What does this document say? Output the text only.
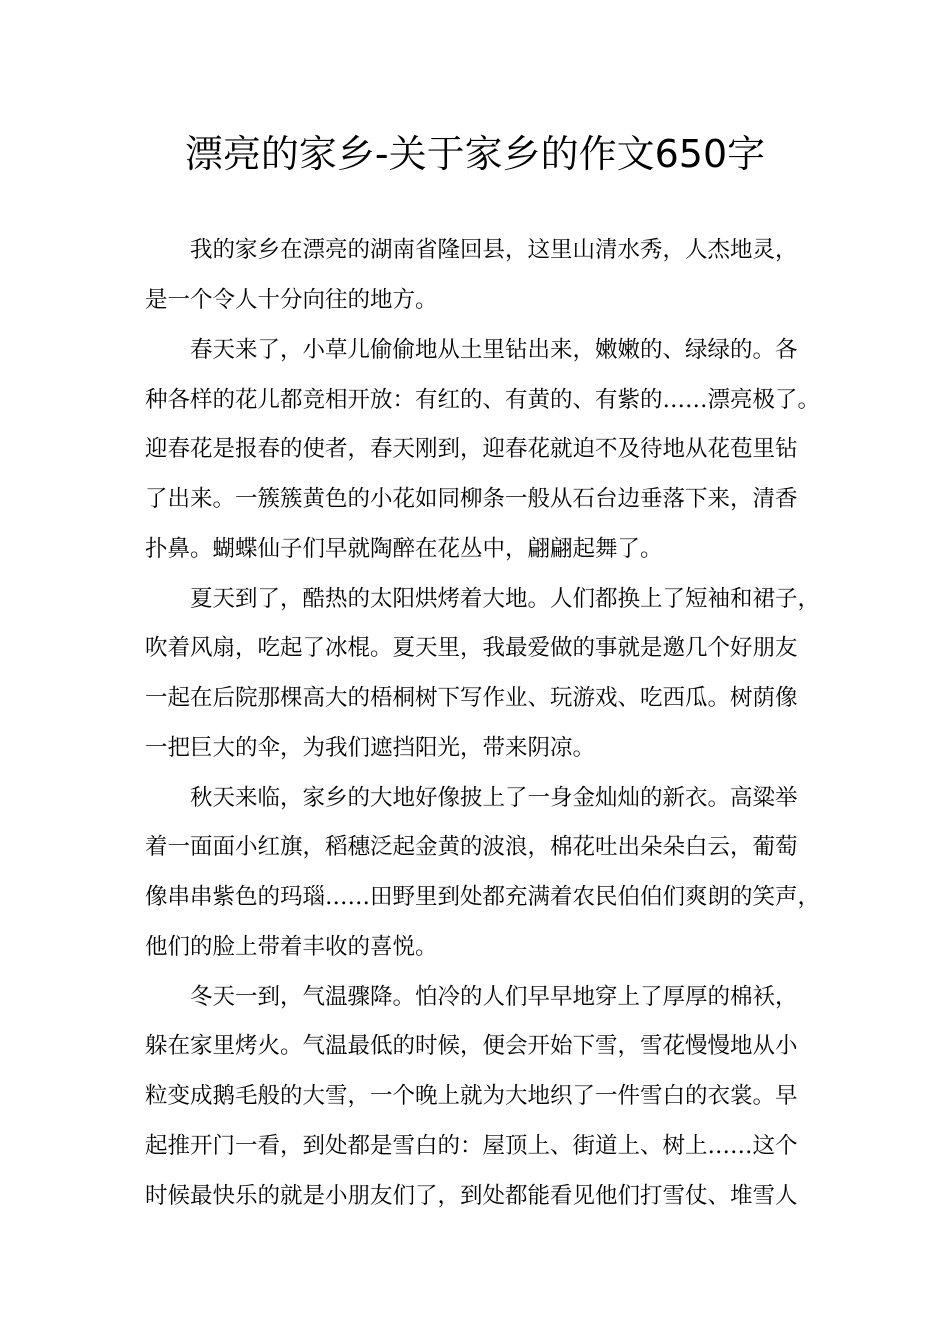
漂亮的家乡-关于家乡的作文650字
我的家乡在漂亮的湖南省隆回县，这里山清水秀，人杰地灵，
是一个令人十分向往的地方。
春天来了，小草儿偷偷地从土里钻出来，嫩嫩的、绿绿的。各
种各样的花儿都竞相开放：有红的、有黄的、有紫的……漂亮极了。
迎春花是报春的使者，春天刚到，迎春花就迫不及待地从花苞里钻
了出来。一簇簇黄色的小花如同柳条一般从石台边垂落下来，清香
扑鼻。蝴蝶仙子们早就陶醉在花丛中，翩翩起舞了。
夏天到了，酷热的太阳烘烤着大地。人们都换上了短袖和裙子，
吹着风扇，吃起了冰棍。夏天里，我最爱做的事就是邀几个好朋友
一起在后院那棵高大的梧桐树下写作业、玩游戏、吃西瓜。树荫像
一把巨大的伞，为我们遮挡阳光，带来阴凉。
秋天来临，家乡的大地好像披上了一身金灿灿的新衣。高粱举
着一面面小红旗，稻穗泛起金黄的波浪，棉花吐出朵朵白云，葡萄
像串串紫色的玛瑙……田野里到处都充满着农民伯伯们爽朗的笑声，
他们的脸上带着丰收的喜悦。
冬天一到，气温骤降。怕冷的人们早早地穿上了厚厚的棉袄，
躲在家里烤火。气温最低的时候，便会开始下雪，雪花慢慢地从小
粒变成鹅毛般的大雪，一个晚上就为大地织了一件雪白的衣裳。早
起推开门一看，到处都是雪白的：屋顶上、街道上、树上……这个
时候最快乐的就是小朋友们了，到处都能看见他们打雪仗、堆雪人
